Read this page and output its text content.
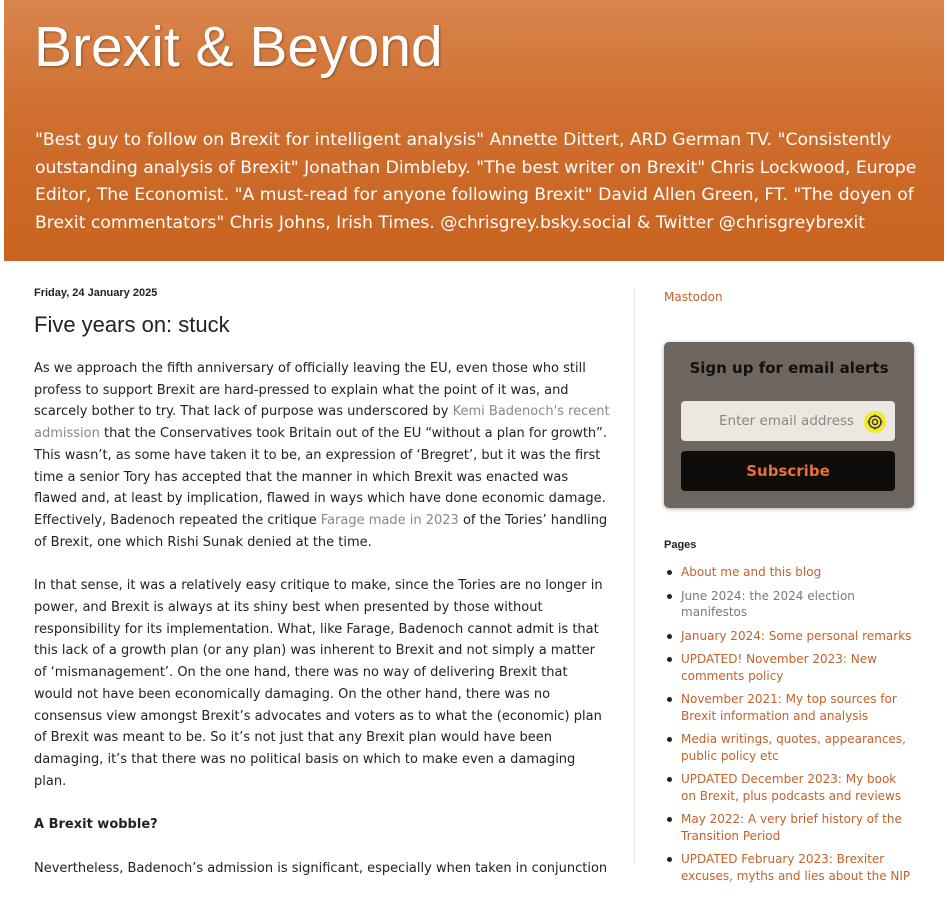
Brexit & Beyond
"Best guy to follow on Brexit for intelligent analysis" Annette Dittert, ARD German TV. "Consistently outstanding analysis of Brexit" Jonathan Dimbleby. "The best writer on Brexit" Chris Lockwood, Europe Editor, The Economist. "A must-read for anyone following Brexit" David Allen Green, FT. "The doyen of Brexit commentators" Chris Johns, Irish Times. @chrisgrey.bsky.social & Twitter @chrisgreybrexit
Friday, 24 January 2025
Five years on: stuck

As we approach the fifth anniversary of officially leaving the EU, even those who still profess to support Brexit are hard-pressed to explain what the point of it was, and scarcely bother to try. That lack of purpose was underscored by Kemi Badenoch's recent admission that the Conservatives took Britain out of the EU “without a plan for growth”. This wasn’t, as some have taken it to be, an expression of ‘Bregret’, but it was the first time a senior Tory has accepted that the manner in which Brexit was enacted was flawed and, at least by implication, flawed in ways which have done economic damage. Effectively, Badenoch repeated the critique Farage made in 2023 of the Tories’ handling of Brexit, one which Rishi Sunak denied at the time.

In that sense, it was a relatively easy critique to make, since the Tories are no longer in power, and Brexit is always at its shiny best when presented by those without responsibility for its implementation. What, like Farage, Badenoch cannot admit is that this lack of a growth plan (or any plan) was inherent to Brexit and not simply a matter of ‘mismanagement’. On the one hand, there was no way of delivering Brexit that would not have been economically damaging. On the other hand, there was no consensus view amongst Brexit’s advocates and voters as to what the (economic) plan of Brexit was meant to be. So it’s not just that any Brexit plan would have been damaging, it’s that there was no political basis on which to make even a damaging plan.

A Brexit wobble?

Nevertheless, Badenoch’s admission is significant, especially when taken in conjunction

Mastodon
Sign up for email alerts
Enter email address
Subscribe
Pages
About me and this blog
June 2024: the 2024 election manifestos
January 2024: Some personal remarks
UPDATED! November 2023: New comments policy
November 2021: My top sources for Brexit information and analysis
Media writings, quotes, appearances, public policy etc
UPDATED December 2023: My book on Brexit, plus podcasts and reviews
May 2022: A very brief history of the Transition Period
UPDATED February 2023: Brexiter excuses, myths and lies about the NIP
